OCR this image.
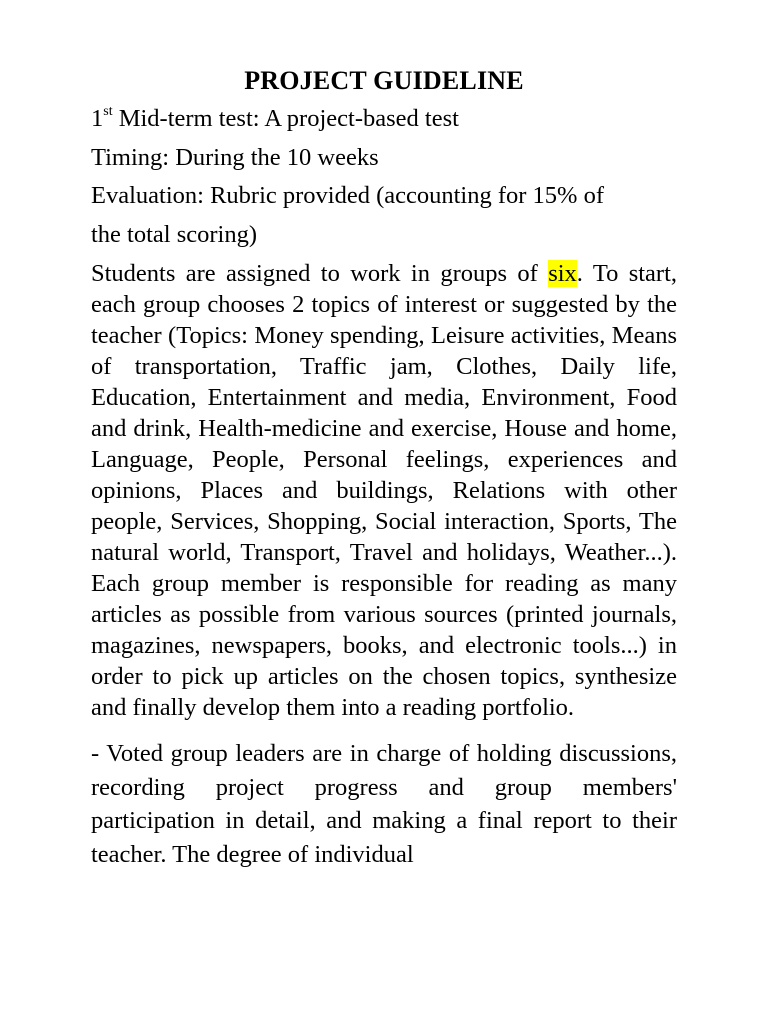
PROJECT GUIDELINE

1st Mid-term test: A project-based test

Timing: During the 10 weeks

Evaluation: Rubric provided (accounting for 15% of

the total scoring)

Students are assigned to work in groups of six. To start, each group chooses 2 topics of interest or suggested by the teacher (Topics: Money spending, Leisure activities, Means of transportation, Traffic jam, Clothes, Daily life, Education, Entertainment and media, Environment, Food and drink, Health-medicine and exercise, House and home, Language, People, Personal feelings, experiences and opinions, Places and buildings, Relations with other people, Services, Shopping, Social interaction, Sports, The natural world, Transport, Travel and holidays, Weather...). Each group member is responsible for reading as many articles as possible from various sources (printed journals, magazines, newspapers, books, and electronic tools...) in order to pick up articles on the chosen topics, synthesize and finally develop them into a reading portfolio.

- Voted group leaders are in charge of holding discussions, recording project progress and group members' participation in detail, and making a final report to their teacher. The degree of individual
